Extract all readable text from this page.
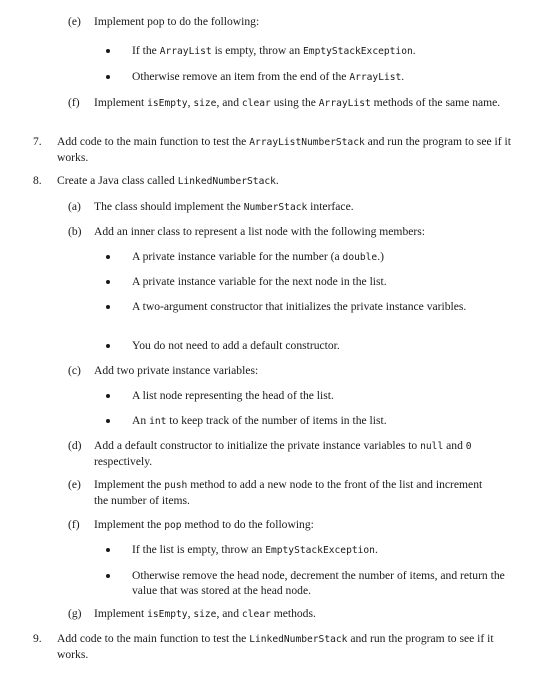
(e) Implement pop to do the following:
If the ArrayList is empty, throw an EmptyStackException.
Otherwise remove an item from the end of the ArrayList.
(f) Implement isEmpty, size, and clear using the ArrayList methods of the same name.
7. Add code to the main function to test the ArrayListNumberStack and run the program to see if it works.
8. Create a Java class called LinkedNumberStack.
(a) The class should implement the NumberStack interface.
(b) Add an inner class to represent a list node with the following members:
A private instance variable for the number (a double.)
A private instance variable for the next node in the list.
A two-argument constructor that initializes the private instance varibles.
You do not need to add a default constructor.
(c) Add two private instance variables:
A list node representing the head of the list.
An int to keep track of the number of items in the list.
(d) Add a default constructor to initialize the private instance variables to null and 0 respectively.
(e) Implement the push method to add a new node to the front of the list and increment the number of items.
(f) Implement the pop method to do the following:
If the list is empty, throw an EmptyStackException.
Otherwise remove the head node, decrement the number of items, and return the value that was stored at the head node.
(g) Implement isEmpty, size, and clear methods.
9. Add code to the main function to test the LinkedNumberStack and run the program to see if it works.
